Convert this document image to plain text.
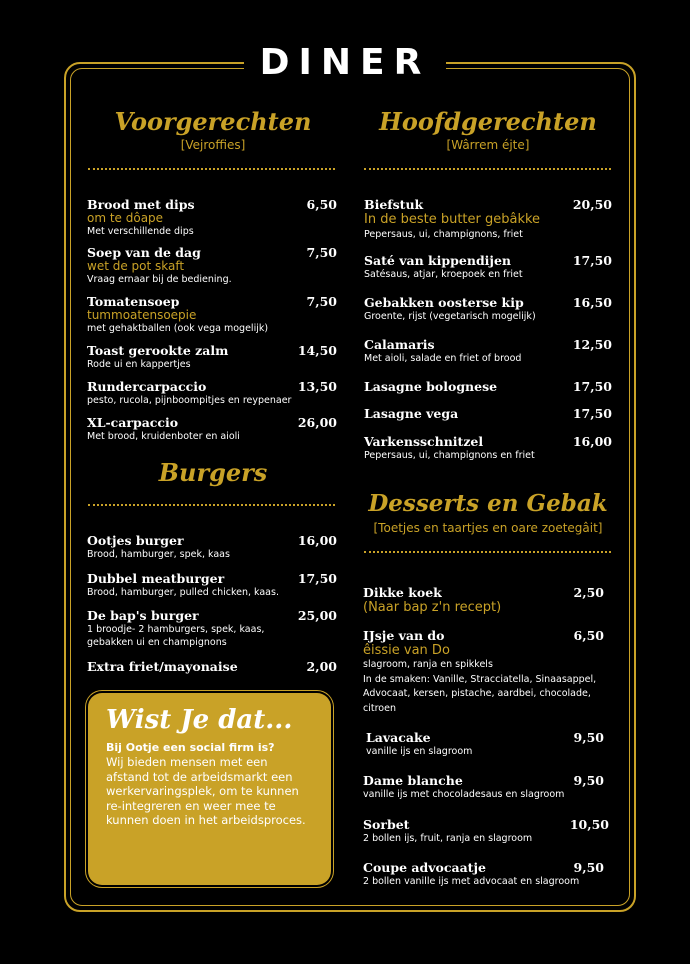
DINER
Voorgerechten
[Vejroffies]
Brood met dips	6,50
om te dôape
Met verschillende dips
Soep van de dag	7,50
wet de pot skaft
Vraag ernaar bij de bediening.
Tomatensoep	7,50
tummoatensoepie
met gehaktballen (ook vega mogelijk)
Toast gerookte zalm	14,50
Rode ui en kappertjes
Rundercarpaccio	13,50
pesto, rucola, pijnboompitjes en reypenaer
XL-carpaccio	26,00
Met brood, kruidenboter en aioli
Burgers
Ootjes burger	16,00
Brood, hamburger, spek, kaas
Dubbel meatburger	17,50
Brood, hamburger, pulled chicken, kaas.
De bap's burger	25,00
1 broodje- 2 hamburgers, spek, kaas,
gebakken ui en champignons
Extra friet/mayonaise	2,00
Wist Je dat...
Bij Ootje een social firm is?
Wij bieden mensen met een afstand tot de arbeidsmarkt een werkervaringsplek, om te kunnen re-integreren en weer mee te kunnen doen in het arbeidsproces.
Hoofdgerechten
[Wârrem éjte]
Biefstuk	20,50
In de beste butter gebâkke
Pepersaus, ui, champignons, friet
Saté van kippendijen	17,50
Satésaus, atjar, kroepoek en friet
Gebakken oosterse kip	16,50
Groente, rijst (vegetarisch mogelijk)
Calamaris	12,50
Met aioli, salade en friet of brood
Lasagne bolognese	17,50
Lasagne vega	17,50
Varkensschnitzel	16,00
Pepersaus, ui, champignons en friet
Desserts en Gebak
[Toetjes en taartjes en oare zoetegâit]
Dikke koek	2,50
(Naar bap z'n recept)
IJsje van do	6,50
êissie van Do
slagroom, ranja en spikkels
In de smaken: Vanille, Stracciatella, Sinaasappel,
Advocaat, kersen, pistache, aardbei, chocolade,
citroen
Lavacake	9,50
vanille ijs en slagroom
Dame blanche	9,50
vanille ijs met chocoladesaus en slagroom
Sorbet	10,50
2 bollen ijs, fruit, ranja en slagroom
Coupe advocaatje	9,50
2 bollen vanille ijs met advocaat en slagroom
